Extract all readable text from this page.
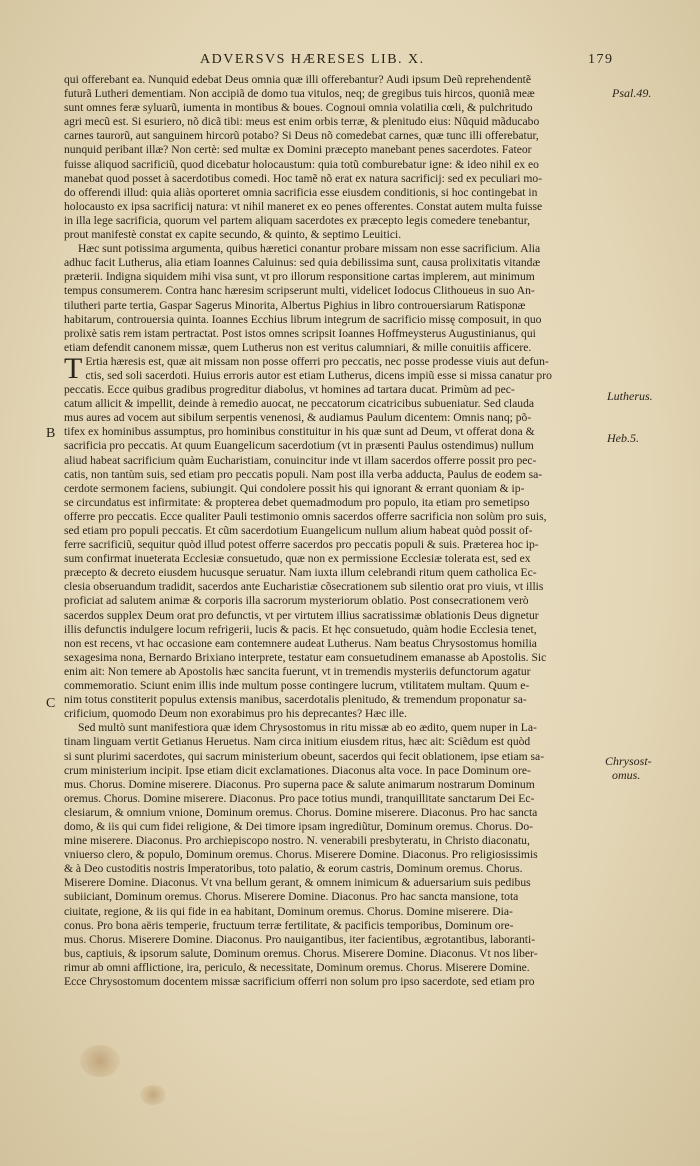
ADVERSVS HÆRESES LIB. X.	179
qui offerebant ea. Nunquid edebat Deus omnia quæ illi offerebantur? Audi ipsum Deũ reprehendentẽ
futurã Lutheri dementiam. Non accipiã de domo tua vitulos, neq; de gregibus tuis hircos, quoniã meæ
sunt omnes feræ syluarũ, iumenta in montibus & boues. Cognoui omnia volatilia cœli, & pulchritudo
agri mecũ est. Si esuriero, nõ dicã tibi: meus est enim orbis terræ, & plenitudo eius: Nũquid mãducabo
carnes taurorũ, aut sanguinem hircorũ potabo? Si Deus nõ comedebat carnes, quæ tunc illi offerebatur,
nunquid peribant illæ? Non certè: sed multæ ex Domini præcepto manebant penes sacerdotes. Fateor
fuisse aliquod sacrificiũ, quod dicebatur holocaustum: quia totũ comburebatur igne: & ideo nihil ex eo
manebat quod posset à sacerdotibus comedi. Hoc tamẽ nõ erat ex natura sacrificij: sed ex peculiari mo-
do offerendi illud: quia aliàs oporteret omnia sacrificia esse eiusdem conditionis, si hoc contingebat in
holocausto ex ipsa sacrificij natura: vt nihil maneret ex eo penes offerentes. Constat autem multa fuisse
in illa lege sacrificia, quorum vel partem aliquam sacerdotes ex præcepto legis comedere tenebantur,
prout manifestè constat ex capite secundo, & quinto, & septimo Leuitici.
Hæc sunt potissima argumenta, quibus hæretici conantur probare missam non esse sacrificium. Alia
adhuc facit Lutherus, alia etiam Ioannes Caluinus: sed quia debilissima sunt, causa prolixitatis vitandæ
præterii. Indigna siquidem mihi visa sunt, vt pro illorum responsitione cartas implerem, aut minimum
tempus consumerem. Contra hanc hæresim scripserunt multi, videlicet Iodocus Clithoueus in suo An-
tilutheri parte tertia, Gaspar Sagerus Minorita, Albertus Pighius in libro controuersiarum Ratisponæ
habitarum, controuersia quinta. Ioannes Ecchius librum integrum de sacrificio missę composuit, in quo
prolixè satis rem istam pertractat. Post istos omnes scripsit Ioannes Hoffmeysterus Augustinianus, qui
etiam defendit canonem missæ, quem Lutherus non est veritus calumniari, & mille conuitiis afficere.
T Ertia hæresis est, quæ ait missam non posse offerri pro peccatis, nec posse prodesse viuis aut defun-
ctis, sed soli sacerdoti. Huius erroris autor est etiam Lutherus, dicens impiũ esse si missa canatur pro
peccatis. Ecce quibus gradibus progreditur diabolus, vt homines ad tartara ducat. Primùm ad pec-
catum allicit & impellit, deinde à remedio auocat, ne peccatorum cicatricibus subueniatur. Sed clauda
mus aures ad vocem aut sibilum serpentis venenosi, & audiamus Paulum dicentem: Omnis nanq; põ-
tifex ex hominibus assumptus, pro hominibus constituitur in his quæ sunt ad Deum, vt offerat dona &
sacrificia pro peccatis. At quum Euangelicum sacerdotium (vt in præsenti Paulus ostendimus) nullum
aliud habeat sacrificium quàm Eucharistiam, conuincitur inde vt illam sacerdos offerre possit pro pec-
catis, non tantùm suis, sed etiam pro peccatis populi. Nam post illa verba adducta, Paulus de eodem sa-
cerdote sermonem faciens, subiungit. Qui condolere possit his qui ignorant & errant quoniam & ip-
se circundatus est infirmitate: & propterea debet quemadmodum pro populo, ita etiam pro semetipso
offerre pro peccatis. Ecce qualiter Pauli testimonio omnis sacerdos offerre sacrificia non solùm pro suis,
sed etiam pro populi peccatis. Et cũm sacerdotium Euangelicum nullum alium habeat quòd possit of-
ferre sacrificiũ, sequitur quòd illud potest offerre sacerdos pro peccatis populi & suis. Præterea hoc ip-
sum confirmat inueterata Ecclesiæ consuetudo, quæ non ex permissione Ecclesiæ tolerata est, sed ex
præcepto & decreto eiusdem hucusque seruatur. Nam iuxta illum celebrandi ritum quem catholica Ec-
clesia obseruandum tradidit, sacerdos ante Eucharistiæ cõsecrationem sub silentio orat pro viuis, vt illis
proficiat ad salutem animæ & corporis illa sacrorum mysteriorum oblatio. Post consecrationem verò
sacerdos supplex Deum orat pro defunctis, vt per virtutem illius sacratissimæ oblationis Deus dignetur
illis defunctis indulgere locum refrigerii, lucis & pacis. Et hęc consuetudo, quàm hodie Ecclesia tenet,
non est recens, vt hac occasione eam contemnere audeat Lutherus. Nam beatus Chrysostomus homilia
sexagesima nona, Bernardo Brixiano interprete, testatur eam consuetudinem emanasse ab Apostolis. Sic
enim ait: Non temere ab Apostolis hæc sancita fuerunt, vt in tremendis mysteriis defunctorum agatur
commemoratio. Sciunt enim illis inde multum posse contingere lucrum, vtilitatem multam. Quum e-
nim totus constiterit populus extensis manibus, sacerdotalis plenitudo, & tremendum proponatur sa-
crificium, quomodo Deum non exorabimus pro his deprecantes? Hæc ille.
Sed multò sunt manifestiora quæ idem Chrysostomus in ritu missæ ab eo ædito, quem nuper in La-
tinam linguam vertit Getianus Heruetus. Nam circa initium eiusdem ritus, hæc ait: Sciẽdum est quòd
si sunt plurimi sacerdotes, qui sacrum ministerium obeunt, sacerdos qui fecit oblationem, ipse etiam sa-
crum ministerium incipit. Ipse etiam dicit exclamationes. Diaconus alta voce. In pace Dominum ore-
mus. Chorus. Domine miserere. Diaconus. Pro superna pace & salute animarum nostrarum Dominum
oremus. Chorus. Domine miserere. Diaconus. Pro pace totius mundi, tranquillitate sanctarum Dei Ec-
clesiarum, & omnium vnione, Dominum oremus. Chorus. Domine miserere. Diaconus. Pro hac sancta
domo, & iis qui cum fidei religione, & Dei timore ipsam ingrediũtur, Dominum oremus. Chorus. Do-
mine miserere. Diaconus. Pro archiepiscopo nostro. N. venerabili presbyteratu, in Christo diaconatu,
vniuerso clero, & populo, Dominum oremus. Chorus. Miserere Domine. Diaconus. Pro religiosissimis
& à Deo custoditis nostris Imperatoribus, toto palatio, & eorum castris, Dominum oremus. Chorus.
Miserere Domine. Diaconus. Vt vna bellum gerant, & omnem inimicum & aduersarium suis pedibus
subiiciant, Dominum oremus. Chorus. Miserere Domine. Diaconus. Pro hac sancta mansione, tota
ciuitate, regione, & iis qui fide in ea habitant, Dominum oremus. Chorus. Domine miserere. Dia-
conus. Pro bona aëris temperie, fructuum terræ fertilitate, & pacificis temporibus, Dominum ore-
mus. Chorus. Miserere Domine. Diaconus. Pro nauigantibus, iter facientibus, ægrotantibus, laboranti-
bus, captiuis, & ipsorum salute, Dominum oremus. Chorus. Miserere Domine. Diaconus. Vt nos liber-
rimur ab omni afflictione, ira, periculo, & necessitate, Dominum oremus. Chorus. Miserere Domine.
Ecce Chrysostomum docentem missæ sacrificium offerri non solum pro ipso sacerdote, sed etiam pro
Psal.49.
Lutherus.
Heb.5.
Chrysost-
omus.
B
C
